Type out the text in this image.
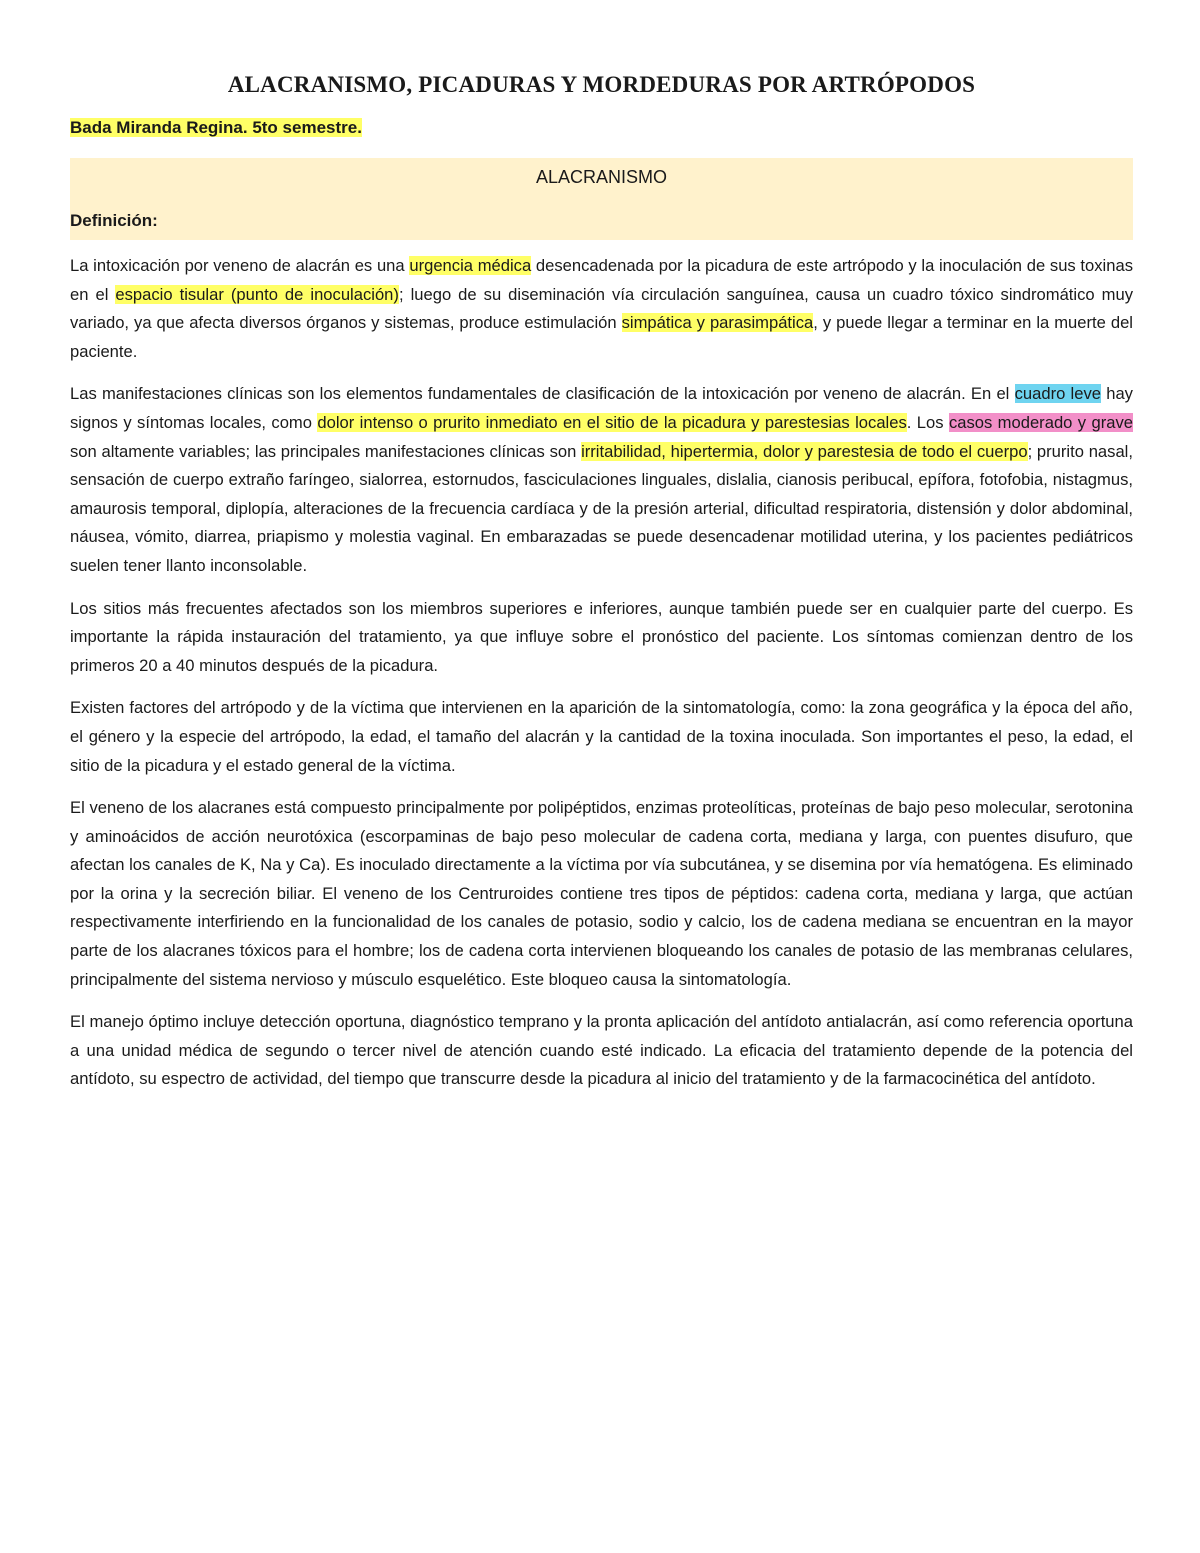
ALACRANISMO, PICADURAS Y MORDEDURAS POR ARTRÓPODOS
Bada Miranda Regina. 5to semestre.
ALACRANISMO

Definición:

La intoxicación por veneno de alacrán es una urgencia médica desencadenada por la picadura de este artrópodo y la inoculación de sus toxinas en el espacio tisular (punto de inoculación); luego de su diseminación vía circulación sanguínea, causa un cuadro tóxico sindromático muy variado, ya que afecta diversos órganos y sistemas, produce estimulación simpática y parasimpática, y puede llegar a terminar en la muerte del paciente.

Las manifestaciones clínicas son los elementos fundamentales de clasificación de la intoxicación por veneno de alacrán. En el cuadro leve hay signos y síntomas locales, como dolor intenso o prurito inmediato en el sitio de la picadura y parestesias locales. Los casos moderado y grave son altamente variables; las principales manifestaciones clínicas son irritabilidad, hipertermia, dolor y parestesia de todo el cuerpo; prurito nasal, sensación de cuerpo extraño faríngeo, sialorrea, estornudos, fasciculaciones linguales, dislalia, cianosis peribucal, epífora, fotofobia, nistagmus, amaurosis temporal, diplopía, alteraciones de la frecuencia cardíaca y de la presión arterial, dificultad respiratoria, distensión y dolor abdominal, náusea, vómito, diarrea, priapismo y molestia vaginal. En embarazadas se puede desencadenar motilidad uterina, y los pacientes pediátricos suelen tener llanto inconsolable.

Los sitios más frecuentes afectados son los miembros superiores e inferiores, aunque también puede ser en cualquier parte del cuerpo. Es importante la rápida instauración del tratamiento, ya que influye sobre el pronóstico del paciente. Los síntomas comienzan dentro de los primeros 20 a 40 minutos después de la picadura.

Existen factores del artrópodo y de la víctima que intervienen en la aparición de la sintomatología, como: la zona geográfica y la época del año, el género y la especie del artrópodo, la edad, el tamaño del alacrán y la cantidad de la toxina inoculada. Son importantes el peso, la edad, el sitio de la picadura y el estado general de la víctima.

El veneno de los alacranes está compuesto principalmente por polipéptidos, enzimas proteolíticas, proteínas de bajo peso molecular, serotonina y aminoácidos de acción neurotóxica (escorpaminas de bajo peso molecular de cadena corta, mediana y larga, con puentes disufuro, que afectan los canales de K, Na y Ca). Es inoculado directamente a la víctima por vía subcutánea, y se disemina por vía hematógena. Es eliminado por la orina y la secreción biliar. El veneno de los Centruroides contiene tres tipos de péptidos: cadena corta, mediana y larga, que actúan respectivamente interfiriendo en la funcionalidad de los canales de potasio, sodio y calcio, los de cadena mediana se encuentran en la mayor parte de los alacranes tóxicos para el hombre; los de cadena corta intervienen bloqueando los canales de potasio de las membranas celulares, principalmente del sistema nervioso y músculo esquelético. Este bloqueo causa la sintomatología.

El manejo óptimo incluye detección oportuna, diagnóstico temprano y la pronta aplicación del antídoto antialacrán, así como referencia oportuna a una unidad médica de segundo o tercer nivel de atención cuando esté indicado. La eficacia del tratamiento depende de la potencia del antídoto, su espectro de actividad, del tiempo que transcurre desde la picadura al inicio del tratamiento y de la farmacocinética del antídoto.
